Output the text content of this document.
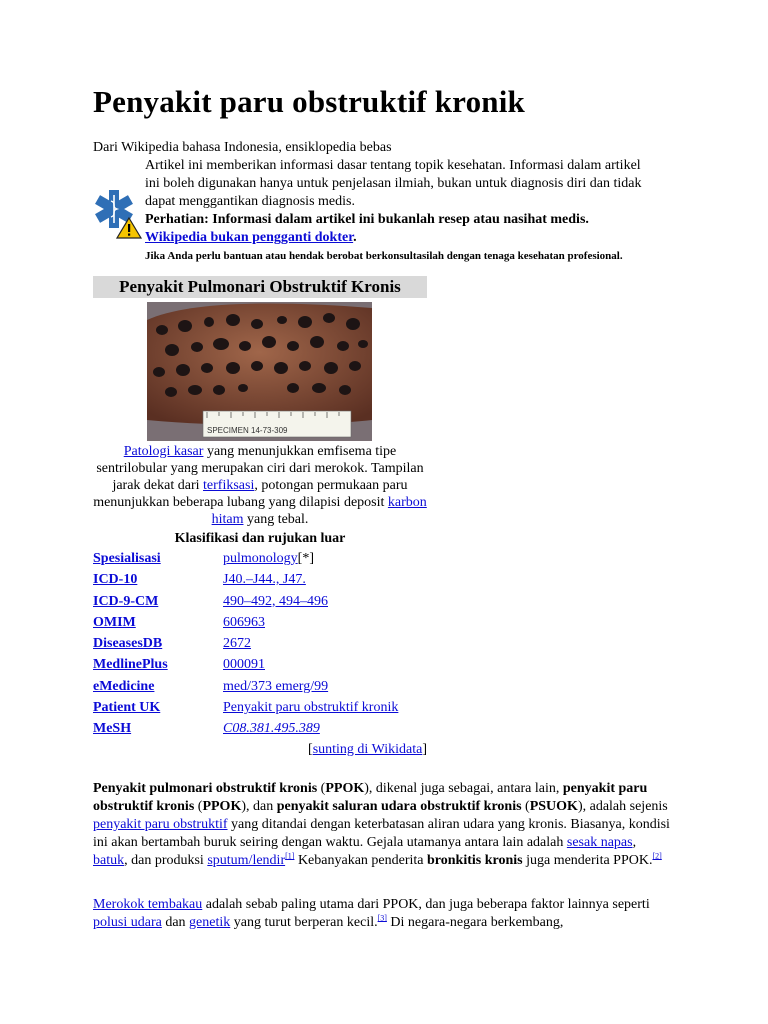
Penyakit paru obstruktif kronik
Dari Wikipedia bahasa Indonesia, ensiklopedia bebas
Artikel ini memberikan informasi dasar tentang topik kesehatan. Informasi dalam artikel ini boleh digunakan hanya untuk penjelasan ilmiah, bukan untuk diagnosis diri dan tidak dapat menggantikan diagnosis medis.
Perhatian: Informasi dalam artikel ini bukanlah resep atau nasihat medis.
Wikipedia bukan pengganti dokter.
Jika Anda perlu bantuan atau hendak berobat berkonsultasilah dengan tenaga kesehatan profesional.
Penyakit Pulmonari Obstruktif Kronis
SPECIMEN 14-73-309
Patologi kasar yang menunjukkan emfisema tipe sentrilobular yang merupakan ciri dari merokok. Tampilan jarak dekat dari terfiksasi, potongan permukaan paru menunjukkan beberapa lubang yang dilapisi deposit karbon hitam yang tebal.
Klasifikasi dan rujukan luar
Spesialisasi	pulmonology[*]
ICD-10	J40.–J44., J47.
ICD-9-CM	490–492, 494–496
OMIM	606963
DiseasesDB	2672
MedlinePlus	000091
eMedicine	med/373 emerg/99
Patient UK	Penyakit paru obstruktif kronik
MeSH	C08.381.495.389
[sunting di Wikidata]
Penyakit pulmonari obstruktif kronis (PPOK), dikenal juga sebagai, antara lain, penyakit paru obstruktif kronis (PPOK), dan penyakit saluran udara obstruktif kronis (PSUOK), adalah sejenis penyakit paru obstruktif yang ditandai dengan keterbatasan aliran udara yang kronis. Biasanya, kondisi ini akan bertambah buruk seiring dengan waktu. Gejala utamanya antara lain adalah sesak napas, batuk, dan produksi sputum/lendir[1] Kebanyakan penderita bronkitis kronis juga menderita PPOK.[2]
Merokok tembakau adalah sebab paling utama dari PPOK, dan juga beberapa faktor lainnya seperti polusi udara dan genetik yang turut berperan kecil.[3] Di negara-negara berkembang,
